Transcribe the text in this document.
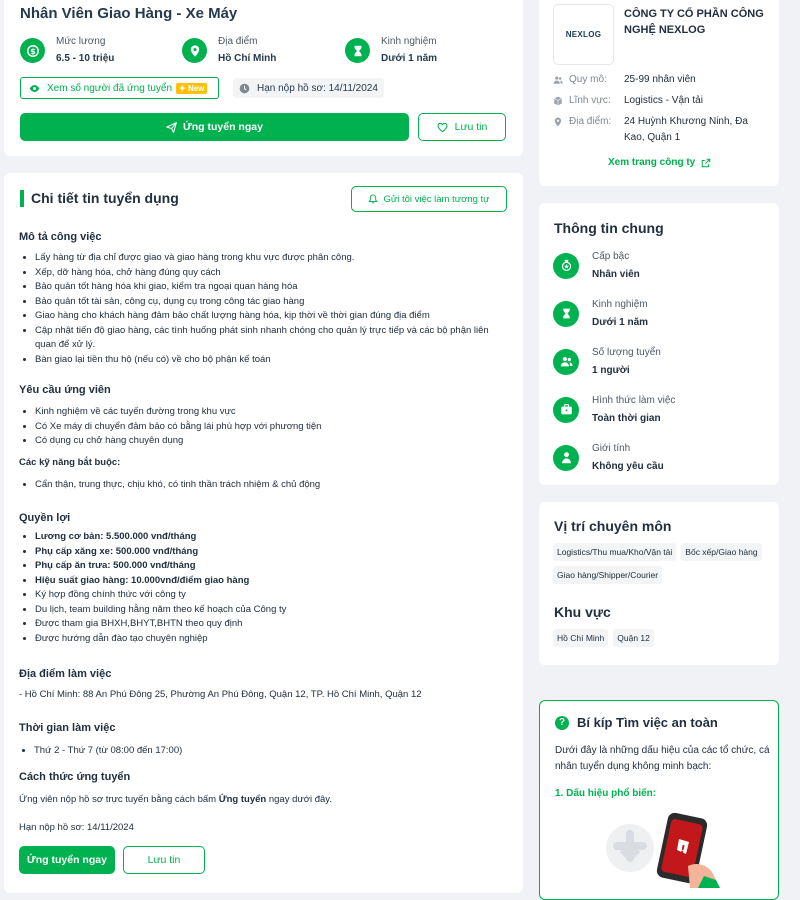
Nhân Viên Giao Hàng - Xe Máy
$
Mức lương
6.5 - 10 triệu
Địa điểm
Hồ Chí Minh
Kinh nghiệm
Dưới 1 năm
Xem số người đã ứng tuyển ✦ New	Hạn nộp hồ sơ: 14/11/2024
Ứng tuyển ngay	Lưu tin
Chi tiết tin tuyển dụng	Gửi tôi việc làm tương tự
Mô tả công việc
• Lấy hàng từ địa chỉ được giao và giao hàng trong khu vực được phân công.
• Xếp, dỡ hàng hóa, chở hàng đúng quy cách
• Bảo quản tốt hàng hóa khi giao, kiểm tra ngoại quan hàng hóa
• Bảo quản tốt tài sản, công cụ, dụng cụ trong công tác giao hàng
• Giao hàng cho khách hàng đảm bảo chất lượng hàng hóa, kịp thời về thời gian đúng địa điểm
• Cập nhật tiến độ giao hàng, các tình huống phát sinh nhanh chóng cho quản lý trực tiếp và các bộ phận liên quan để xử lý.
• Bàn giao lại tiền thu hộ (nếu có) về cho bộ phận kế toán
Yêu cầu ứng viên
• Kinh nghiệm về các tuyến đường trong khu vực
• Có Xe máy di chuyển đảm bảo có bằng lái phù hợp với phương tiện
• Có dụng cụ chở hàng chuyên dụng
Các kỹ năng bắt buộc:
• Cẩn thận, trung thực, chịu khó, có tinh thần trách nhiệm & chủ động
Quyền lợi
• Lương cơ bản: 5.500.000 vnđ/tháng
• Phụ cấp xăng xe: 500.000 vnđ/tháng
• Phụ cấp ăn trưa: 500.000 vnđ/tháng
• Hiệu suất giao hàng: 10.000vnđ/điểm giao hàng
• Ký hợp đồng chính thức với công ty
• Du lịch, team building hằng năm theo kế hoạch của Công ty
• Được tham gia BHXH,BHYT,BHTN theo quy định
• Được hướng dẫn đào tạo chuyên nghiệp
Địa điểm làm việc
- Hồ Chí Minh: 88 An Phú Đông 25, Phường An Phú Đông, Quận 12, TP. Hồ Chí Minh, Quận 12
Thời gian làm việc
• Thứ 2 - Thứ 7 (từ 08:00 đến 17:00)
Cách thức ứng tuyển
Ứng viên nộp hồ sơ trực tuyến bằng cách bấm Ứng tuyển ngay dưới đây.
Hạn nộp hồ sơ: 14/11/2024
Ứng tuyển ngay	Lưu tin
NEXLOG
CÔNG TY CỔ PHẦN CÔNG NGHỆ NEXLOG
Quy mô: 25-99 nhân viên
Lĩnh vực: Logistics - Vận tải
Địa điểm: 24 Huỳnh Khương Ninh, Đa Kao, Quận 1
Xem trang công ty
Thông tin chung
Cấp bậc
Nhân viên
Kinh nghiệm
Dưới 1 năm
Số lượng tuyển
1 người
Hình thức làm việc
Toàn thời gian
Giới tính
Không yêu cầu
Vị trí chuyên môn
Logistics/Thu mua/Kho/Vận tải	Bốc xếp/Giao hàng
Giao hàng/Shipper/Courier
Khu vực
Hồ Chí Minh	Quận 12
? Bí kíp Tìm việc an toàn
Dưới đây là những dấu hiệu của các tổ chức, cá nhân tuyển dụng không minh bạch:
1. Dấu hiệu phổ biến:
!
